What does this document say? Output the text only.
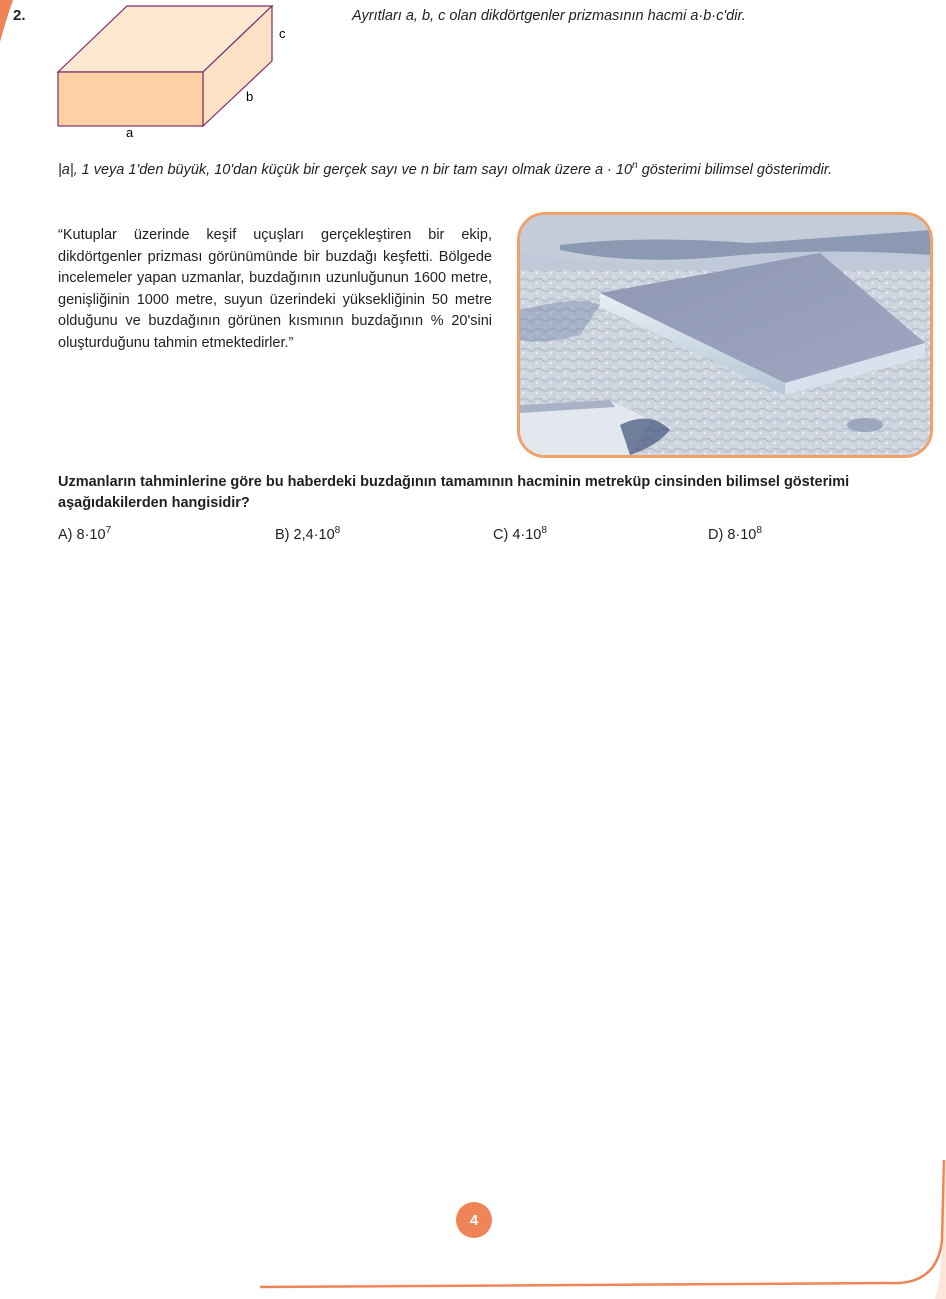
2.
a
b
c
Ayrıtları a, b, c olan dikdörtgenler prizmasının hacmi a·b·c'dir.
|a|, 1 veya 1'den büyük, 10'dan küçük bir gerçek sayı ve n bir tam sayı olmak üzere $a \cdot 10^n$ gösterimi bilimsel gösterimdir.
“Kutuplar üzerinde keşif uçuşları gerçekleştiren bir ekip, dikdörtgenler prizması görünümünde bir buzdağı keşfetti. Bölgede incelemeler yapan uzmanlar, buzdağının uzunluğunun 1600 metre, genişliğinin 1000 metre, suyun üzerindeki yüksekliğinin 50 metre olduğunu ve buzdağının görünen kısmının buzdağının % 20'sini oluşturduğunu tahmin etmektedirler.”
Uzmanların tahminlerine göre bu haberdeki buzdağının tamamının hacminin metreküp cinsinden bilimsel gösterimi aşağıdakilerden hangisidir?
A) $8\cdot 10^7$	B) $2,4\cdot 10^8$	C) $4\cdot 10^8$	D) $8\cdot 10^8$
4
